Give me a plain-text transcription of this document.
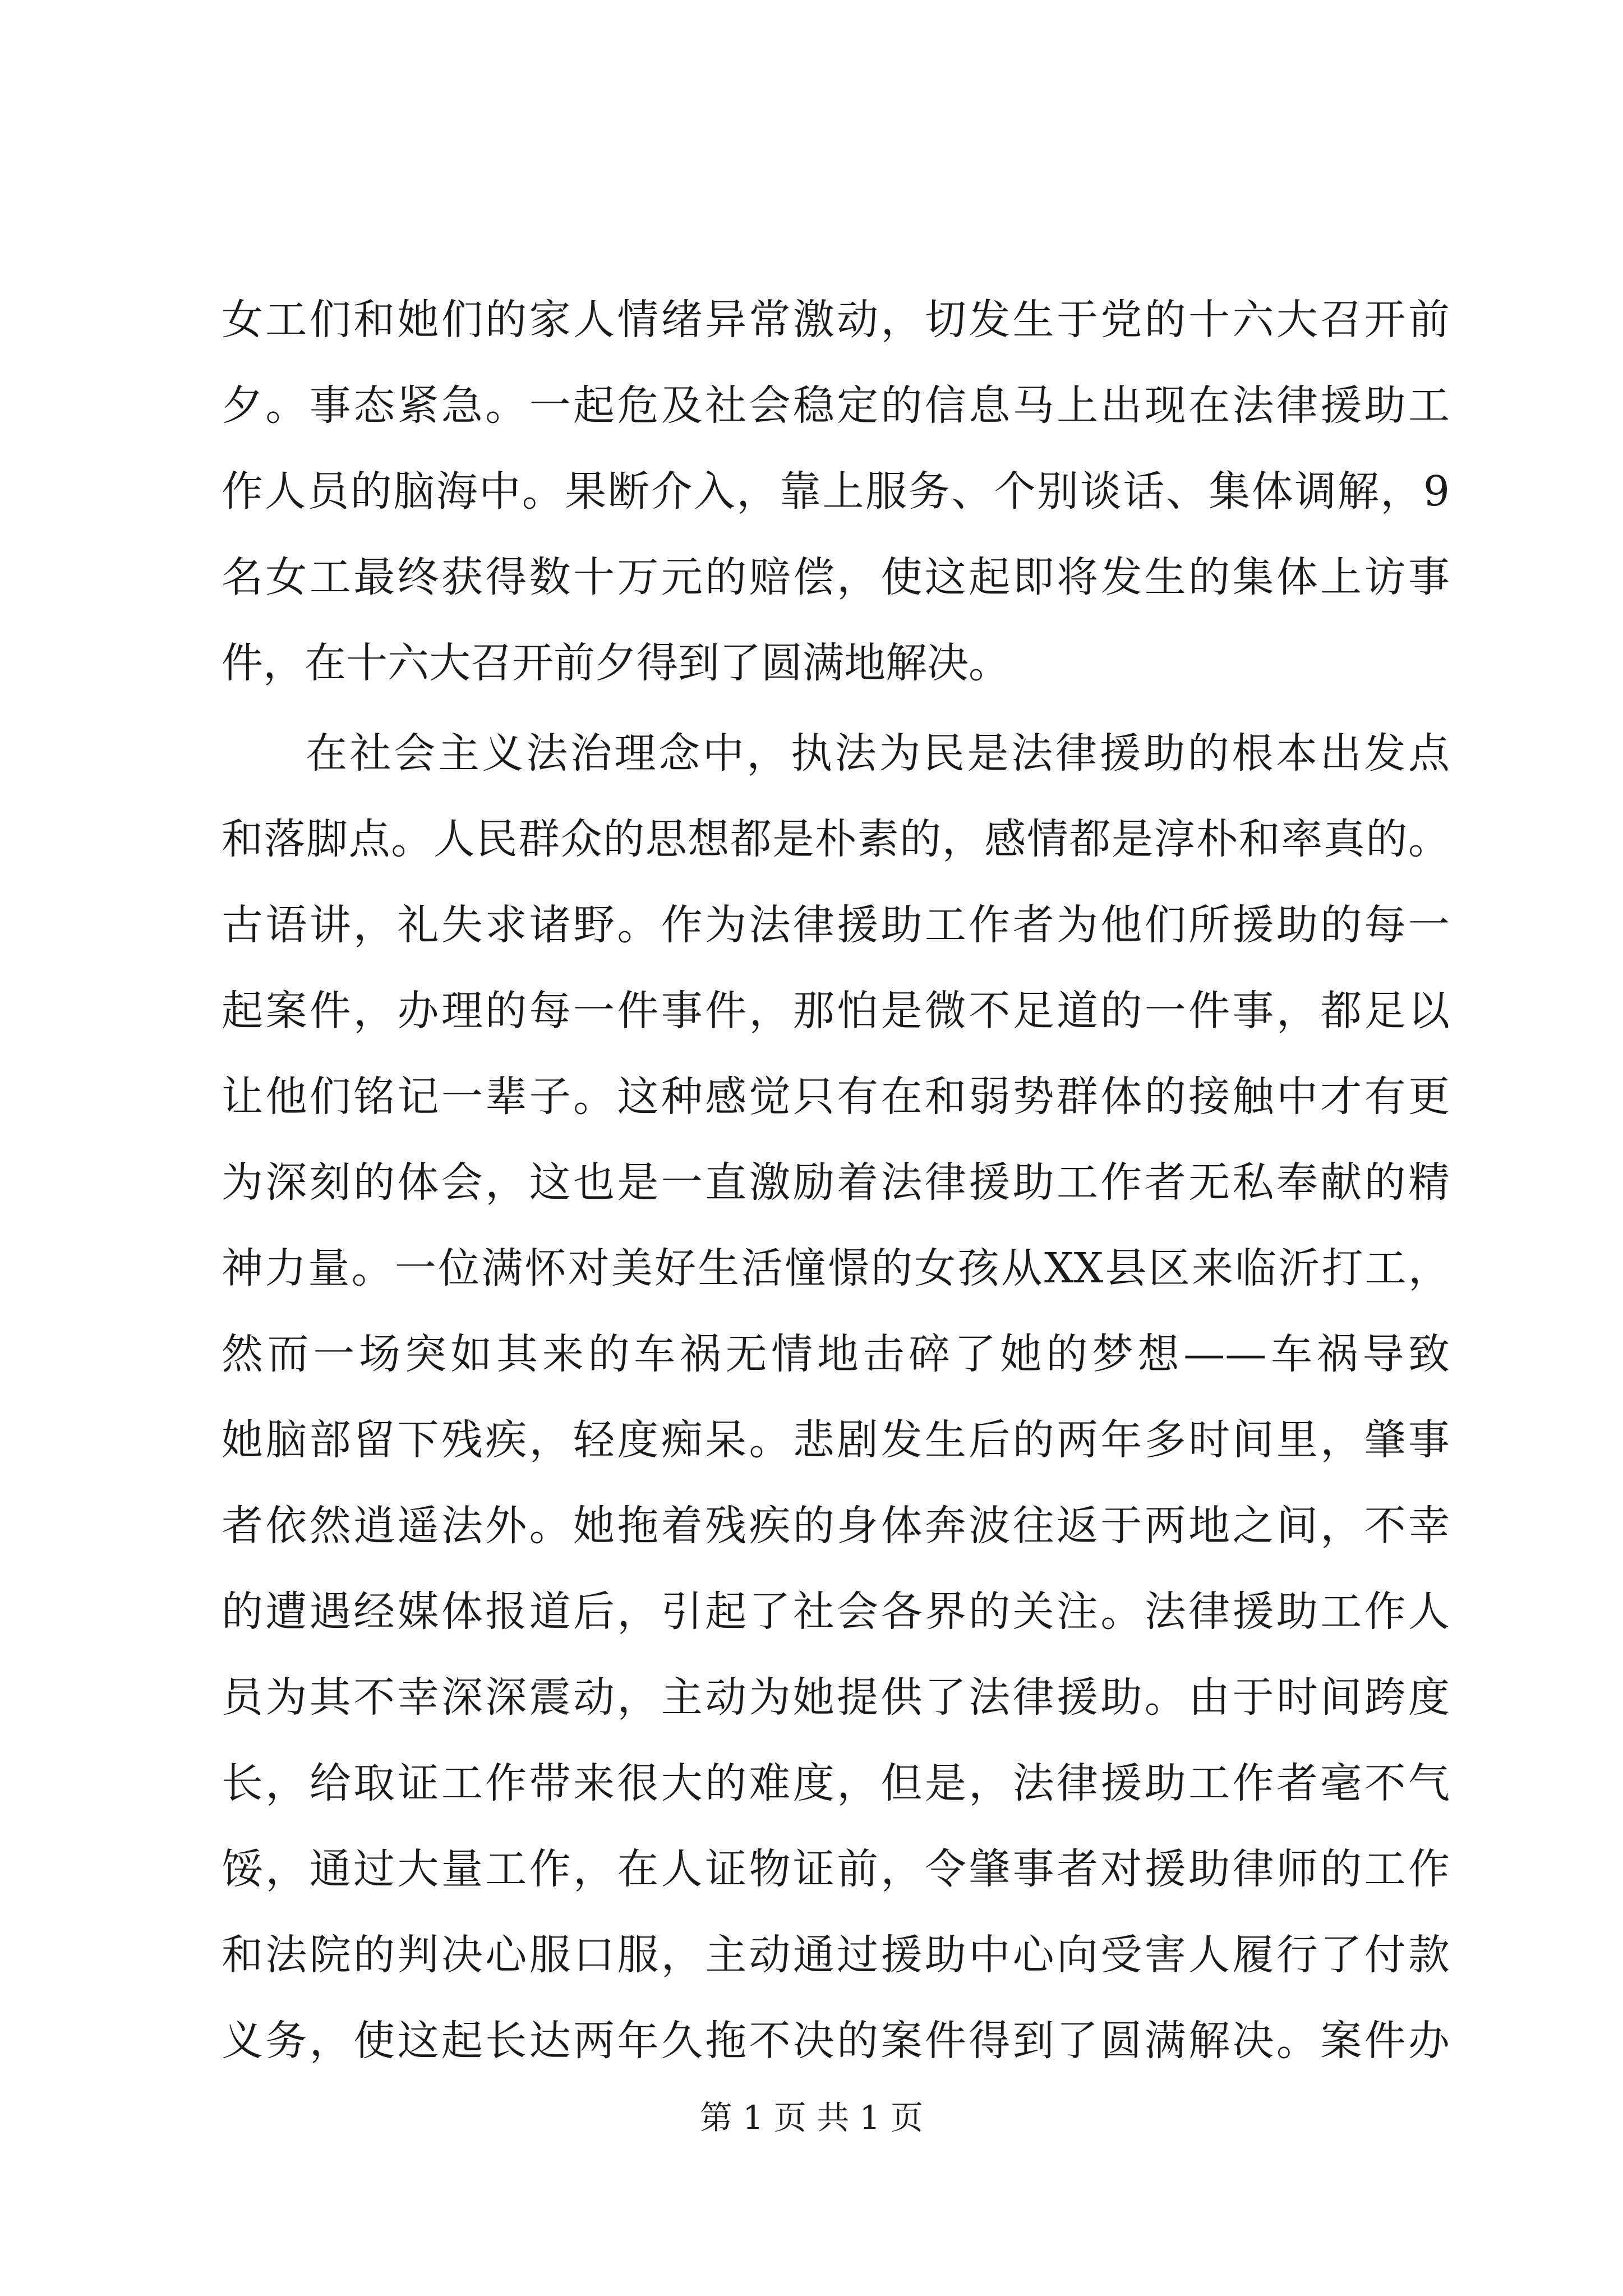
女工们和她们的家人情绪异常激动，切发生于党的十六大召开前
夕。事态紧急。一起危及社会稳定的信息马上出现在法律援助工
作人员的脑海中。果断介入，靠上服务、个别谈话、集体调解，9
名女工最终获得数十万元的赔偿，使这起即将发生的集体上访事
件，在十六大召开前夕得到了圆满地解决。
在社会主义法治理念中，执法为民是法律援助的根本出发点
和落脚点。人民群众的思想都是朴素的，感情都是淳朴和率真的。
古语讲，礼失求诸野。作为法律援助工作者为他们所援助的每一
起案件，办理的每一件事件，那怕是微不足道的一件事，都足以
让他们铭记一辈子。这种感觉只有在和弱势群体的接触中才有更
为深刻的体会，这也是一直激励着法律援助工作者无私奉献的精
神力量。一位满怀对美好生活憧憬的女孩从XX县区来临沂打工，
然而一场突如其来的车祸无情地击碎了她的梦想——车祸导致
她脑部留下残疾，轻度痴呆。悲剧发生后的两年多时间里，肇事
者依然逍遥法外。她拖着残疾的身体奔波往返于两地之间，不幸
的遭遇经媒体报道后，引起了社会各界的关注。法律援助工作人
员为其不幸深深震动，主动为她提供了法律援助。由于时间跨度
长，给取证工作带来很大的难度，但是，法律援助工作者毫不气
馁，通过大量工作，在人证物证前，令肇事者对援助律师的工作
和法院的判决心服口服，主动通过援助中心向受害人履行了付款
义务，使这起长达两年久拖不决的案件得到了圆满解决。案件办
第 1 页 共 1 页
